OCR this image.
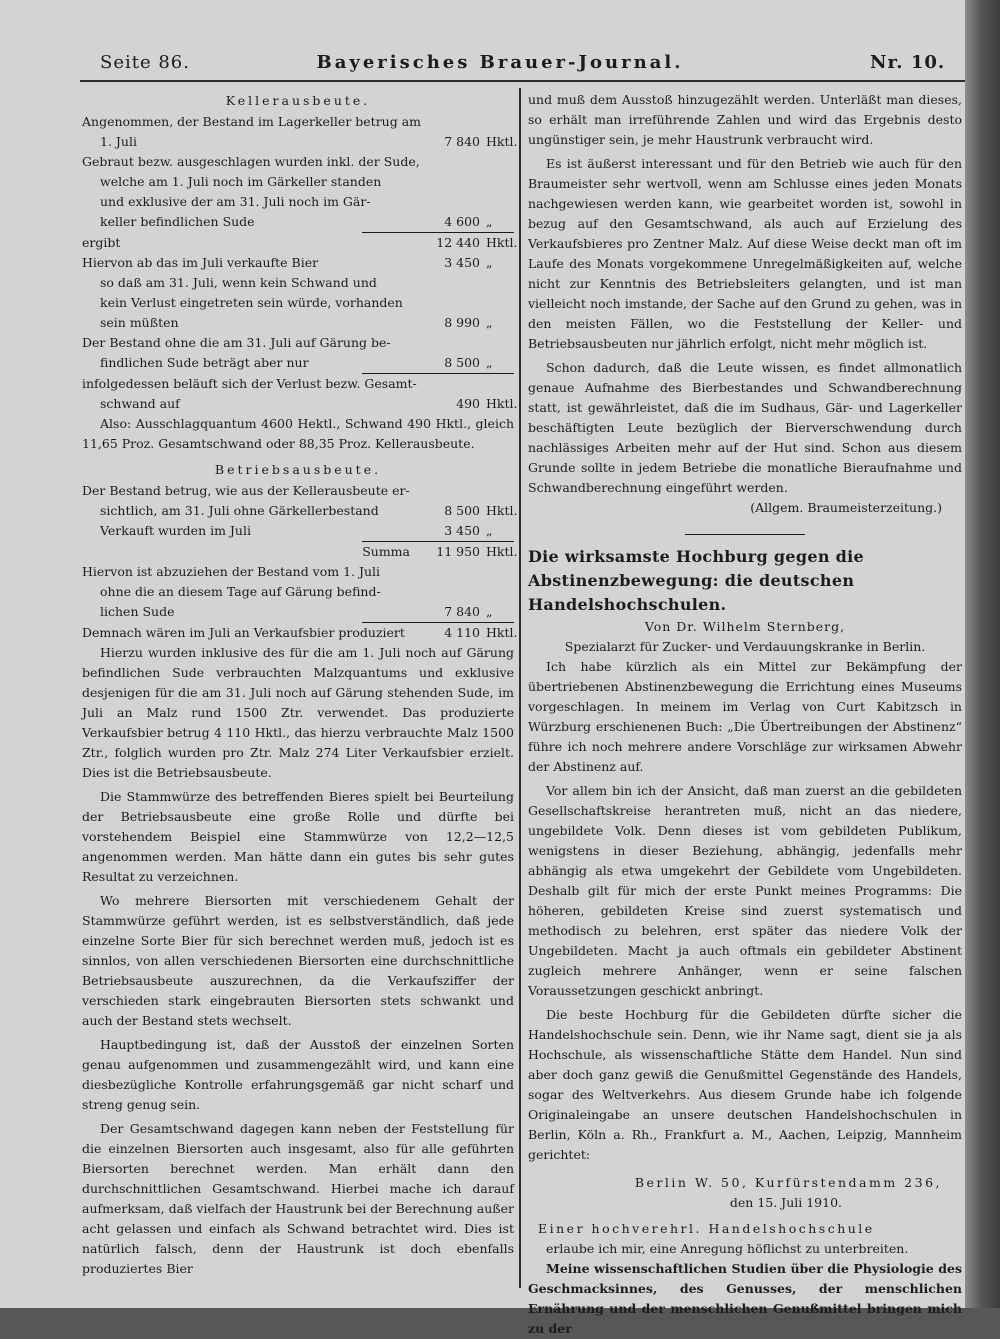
Seite 86.	Bayerisches Brauer-Journal.	Nr. 10.
Kellerausbeute.
Angenommen, der Bestand im Lagerkeller betrug am
1. Juli	7 840 Hktl.
Gebraut bezw. ausgeschlagen wurden inkl. der Sude,
welche am 1. Juli noch im Gärkeller standen
und exklusive der am 31. Juli noch im Gär-
keller befindlichen Sude	4 600 „
ergibt	12 440 Hktl.
Hiervon ab das im Juli verkaufte Bier	3 450 „
so daß am 31. Juli, wenn kein Schwand und
kein Verlust eingetreten sein würde, vorhanden
sein müßten	8 990 „
Der Bestand ohne die am 31. Juli auf Gärung be-
findlichen Sude beträgt aber nur	8 500 „
infolgedessen beläuft sich der Verlust bezw. Gesamt-
schwand auf	490 Hktl.

Also: Ausschlagquantum 4600 Hektl., Schwand 490 Hktl., gleich 11,65 Proz. Gesamtschwand oder 88,35 Proz. Kellerausbeute.

Betriebsausbeute.
Der Bestand betrug, wie aus der Kellerausbeute er-
sichtlich, am 31. Juli ohne Gärkellerbestand	8 500 Hktl.
Verkauft wurden im Juli	3 450 „
Summa	11 950 Hktl.
Hiervon ist abzuziehen der Bestand vom 1. Juli
ohne die an diesem Tage auf Gärung befind-
lichen Sude	7 840 „
Demnach wären im Juli an Verkaufsbier produziert	4 110 Hktl.

Hierzu wurden inklusive des für die am 1. Juli noch auf Gärung befindlichen Sude verbrauchten Malzquantums und exklusive desjenigen für die am 31. Juli noch auf Gärung stehenden Sude, im Juli an Malz rund 1500 Ztr. verwendet. Das produzierte Verkaufsbier betrug 4 110 Hktl., das hierzu verbrauchte Malz 1500 Ztr., folglich wurden pro Ztr. Malz 274 Liter Verkaufsbier erzielt. Dies ist die Betriebsausbeute.

Die Stammwürze des betreffenden Bieres spielt bei Beurteilung der Betriebsausbeute eine große Rolle und dürfte bei vorstehendem Beispiel eine Stammwürze von 12,2—12,5 angenommen werden. Man hätte dann ein gutes bis sehr gutes Resultat zu verzeichnen.

Wo mehrere Biersorten mit verschiedenem Gehalt der Stammwürze geführt werden, ist es selbstverständlich, daß jede einzelne Sorte Bier für sich berechnet werden muß, jedoch ist es sinnlos, von allen verschiedenen Biersorten eine durchschnittliche Betriebsausbeute auszurechnen, da die Verkaufsziffer der verschieden stark eingebrauten Biersorten stets schwankt und auch der Bestand stets wechselt.

Hauptbedingung ist, daß der Ausstoß der einzelnen Sorten genau aufgenommen und zusammengezählt wird, und kann eine diesbezügliche Kontrolle erfahrungsgemäß gar nicht scharf und streng genug sein.

Der Gesamtschwand dagegen kann neben der Feststellung für die einzelnen Biersorten auch insgesamt, also für alle geführten Biersorten berechnet werden. Man erhält dann den durchschnittlichen Gesamtschwand. Hierbei mache ich darauf aufmerksam, daß vielfach der Haustrunk bei der Berechnung außer acht gelassen und einfach als Schwand betrachtet wird. Dies ist natürlich falsch, denn der Haustrunk ist doch ebenfalls produziertes Bier

und muß dem Ausstoß hinzugezählt werden. Unterläßt man dieses, so erhält man irreführende Zahlen und wird das Ergebnis desto ungünstiger sein, je mehr Haustrunk verbraucht wird.

Es ist äußerst interessant und für den Betrieb wie auch für den Braumeister sehr wertvoll, wenn am Schlusse eines jeden Monats nachgewiesen werden kann, wie gearbeitet worden ist, sowohl in bezug auf den Gesamtschwand, als auch auf Erzielung des Verkaufsbieres pro Zentner Malz. Auf diese Weise deckt man oft im Laufe des Monats vorgekommene Unregelmäßigkeiten auf, welche nicht zur Kenntnis des Betriebsleiters gelangten, und ist man vielleicht noch imstande, der Sache auf den Grund zu gehen, was in den meisten Fällen, wo die Feststellung der Keller- und Betriebsausbeuten nur jährlich erfolgt, nicht mehr möglich ist.

Schon dadurch, daß die Leute wissen, es findet allmonatlich genaue Aufnahme des Bierbestandes und Schwandberechnung statt, ist gewährleistet, daß die im Sudhaus, Gär- und Lagerkeller beschäftigten Leute bezüglich der Bierverschwendung durch nachlässiges Arbeiten mehr auf der Hut sind. Schon aus diesem Grunde sollte in jedem Betriebe die monatliche Bieraufnahme und Schwandberechnung eingeführt werden.

(Allgem. Braumeisterzeitung.)
Die wirksamste Hochburg gegen die Abstinenzbewegung: die deutschen Handelshochschulen.
Von Dr. Wilhelm Sternberg,
Spezialarzt für Zucker- und Verdauungskranke in Berlin.

Ich habe kürzlich als ein Mittel zur Bekämpfung der übertriebenen Abstinenzbewegung die Errichtung eines Museums vorgeschlagen. In meinem im Verlag von Curt Kabitzsch in Würzburg erschienenen Buch: „Die Übertreibungen der Abstinenz“ führe ich noch mehrere andere Vorschläge zur wirksamen Abwehr der Abstinenz auf.

Vor allem bin ich der Ansicht, daß man zuerst an die gebildeten Gesellschaftskreise herantreten muß, nicht an das niedere, ungebildete Volk. Denn dieses ist vom gebildeten Publikum, wenigstens in dieser Beziehung, abhängig, jedenfalls mehr abhängig als etwa umgekehrt der Gebildete vom Ungebildeten. Deshalb gilt für mich der erste Punkt meines Programms: Die höheren, gebildeten Kreise sind zuerst systematisch und methodisch zu belehren, erst später das niedere Volk der Ungebildeten. Macht ja auch oftmals ein gebildeter Abstinent zugleich mehrere Anhänger, wenn er seine falschen Voraussetzungen geschickt anbringt.

Die beste Hochburg für die Gebildeten dürfte sicher die Handelshochschule sein. Denn, wie ihr Name sagt, dient sie ja als Hochschule, als wissenschaftliche Stätte dem Handel. Nun sind aber doch ganz gewiß die Genußmittel Gegenstände des Handels, sogar des Weltverkehrs. Aus diesem Grunde habe ich folgende Originaleingabe an unsere deutschen Handelshochschulen in Berlin, Köln a. Rh., Frankfurt a. M., Aachen, Leipzig, Mannheim gerichtet:

Berlin W. 50, Kurfürstendamm 236,
den 15. Juli 1910.
Einer hochverehrl. Handelshochschule
erlaube ich mir, eine Anregung höflichst zu unterbreiten.

Meine wissenschaftlichen Studien über die Physiologie des Geschmacksinnes, des Genusses, der menschlichen Ernährung und der menschlichen Genußmittel bringen mich zu der
